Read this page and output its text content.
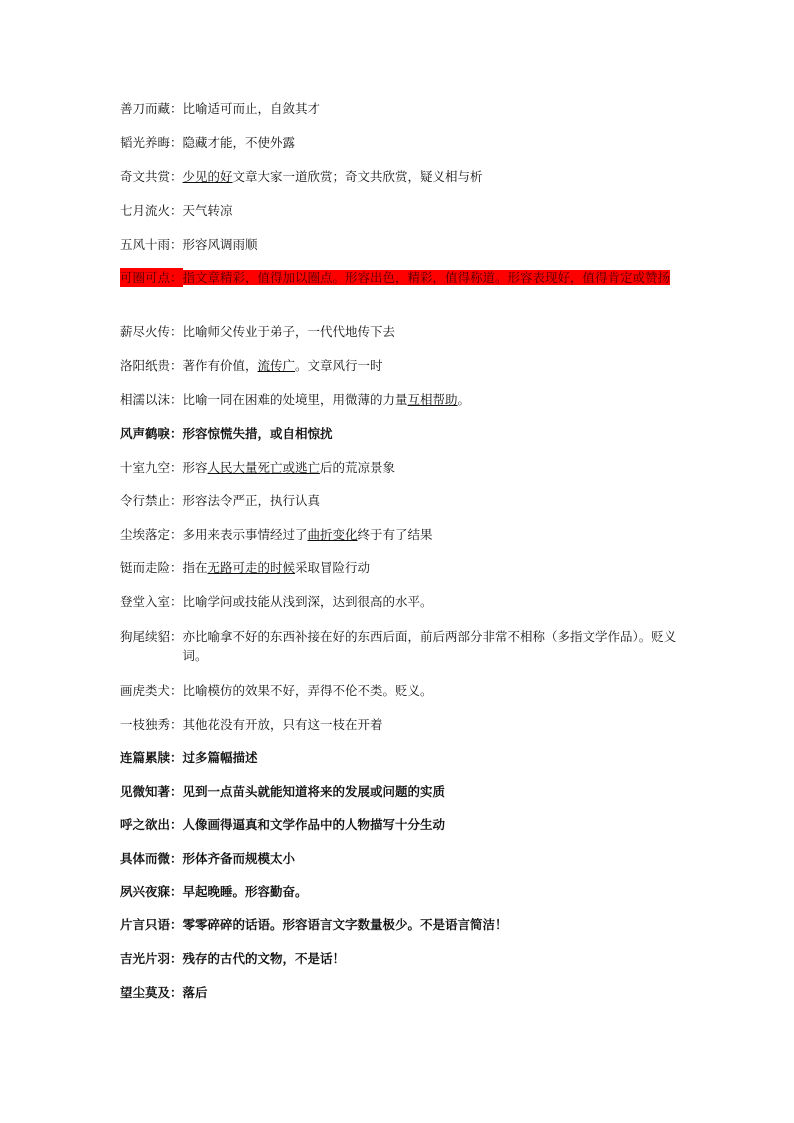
善刀而藏： 比喻适可而止，自敛其才
韬光养晦： 隐藏才能，不使外露
奇文共赏： 少见的好文章大家一道欣赏；奇文共欣赏，疑义相与析
七月流火： 天气转凉
五风十雨： 形容风调雨顺
可圈可点： 指文章精彩，值得加以圈点。形容出色，精彩，值得称道。形容表现好，值得肯定或赞扬
薪尽火传： 比喻师父传业于弟子，一代代地传下去
洛阳纸贵： 著作有价值，流传广。文章风行一时
相濡以沫： 比喻一同在困难的处境里，用微薄的力量互相帮助。
风声鹤唳： 形容惊慌失措，或自相惊扰
十室九空： 形容人民大量死亡或逃亡后的荒凉景象
令行禁止： 形容法令严正，执行认真
尘埃落定： 多用来表示事情经过了曲折变化终于有了结果
铤而走险： 指在无路可走的时候采取冒险行动
登堂入室： 比喻学问或技能从浅到深，达到很高的水平。
狗尾续貂： 亦比喻拿不好的东西补接在好的东西后面，前后两部分非常不相称（多指文学作品）。贬义词。
画虎类犬： 比喻模仿的效果不好，弄得不伦不类。贬义。
一枝独秀： 其他花没有开放，只有这一枝在开着
连篇累牍： 过多篇幅描述
见微知著： 见到一点苗头就能知道将来的发展或问题的实质
呼之欲出： 人像画得逼真和文学作品中的人物描写十分生动
具体而微： 形体齐备而规模太小
夙兴夜寐： 早起晚睡。形容勤奋。
片言只语： 零零碎碎的话语。形容语言文字数量极少。不是语言简洁！
吉光片羽： 残存的古代的文物，不是话！
望尘莫及： 落后
